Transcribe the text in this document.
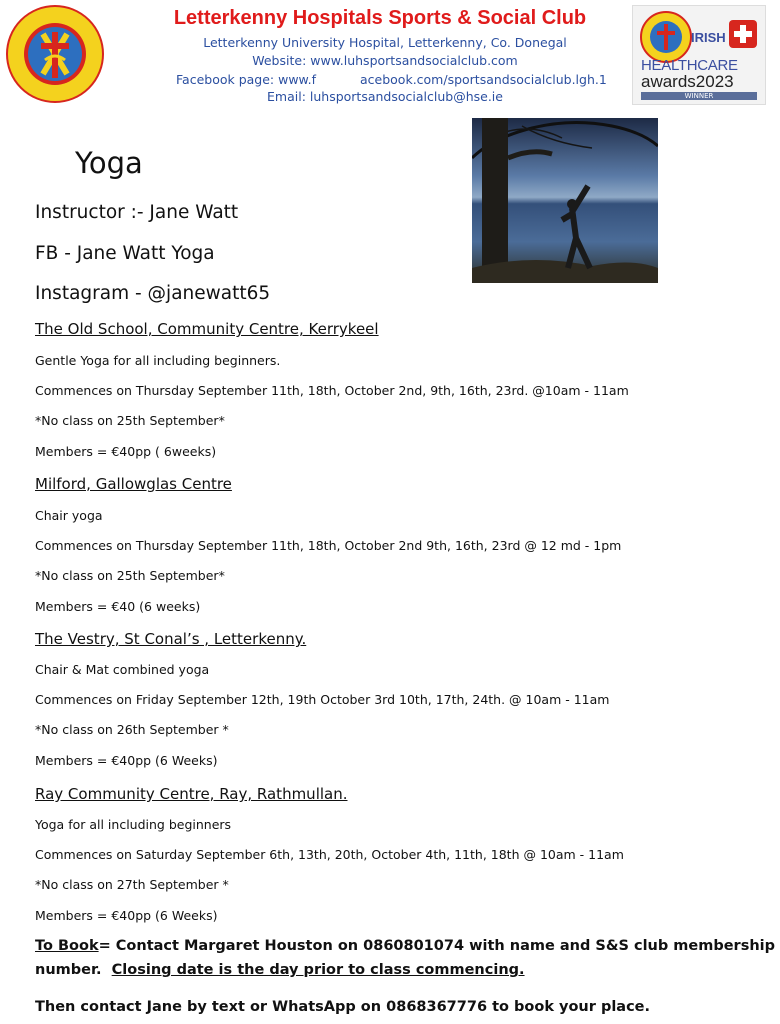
Letterkenny Hospitals Sports & Social Club
Letterkenny University Hospital, Letterkenny, Co. Donegal
Website: www.luhsportsandsocialclub.com
Facebook page: www.f	acebook.com/sportsandsocialclub.lgh.1
Email: luhsportsandsocialclub@hse.ie
IRISH
HEALTHCARE
awards2023
WINNER
Yoga
Instructor :- Jane Watt
FB - Jane Watt Yoga
Instagram - @janewatt65
The Old School, Community Centre, Kerrykeel
Gentle Yoga for all including beginners.
Commences on Thursday September 11th, 18th, October 2nd, 9th, 16th, 23rd. @10am - 11am
*No class on 25th September*
Members = €40pp ( 6weeks)
Milford, Gallowglas Centre
Chair yoga
Commences on Thursday September 11th, 18th, October 2nd 9th, 16th, 23rd @ 12 md - 1pm
*No class on 25th September*
Members = €40 (6 weeks)
The Vestry, St Conal’s , Letterkenny.
Chair & Mat combined yoga
Commences on Friday September 12th, 19th October 3rd 10th, 17th, 24th. @ 10am - 11am
*No class on 26th September *
Members = €40pp (6 Weeks)
Ray Community Centre, Ray, Rathmullan.
Yoga for all including beginners
Commences on Saturday September 6th, 13th, 20th, October 4th, 11th, 18th @ 10am - 11am
*No class on 27th September *
Members = €40pp (6 Weeks)
To Book= Contact Margaret Houston on 0860801074 with name and S&S club membership
number.  Closing date is the day prior to class commencing.
Then contact Jane by text or WhatsApp on 0868367776 to book your place.
